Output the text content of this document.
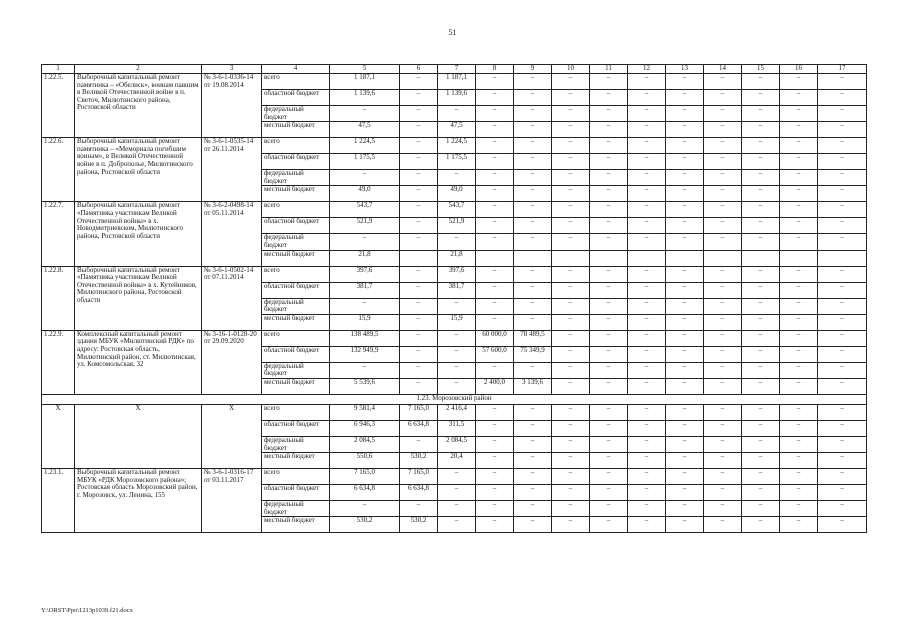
51
1	2	3	4	5	6	7	8	9	10	11	12	13	14	15	16	17
1.22.5.	Выборочный капитальный ремонт памятника – «Обелиск», воинам павшим в Великой Отечественной войне в п. Светоч, Милютинского района, Ростовской области	№ 3-6-1-0336-14 от 19.08.2014	всего	1 187,1	–	1 187,1	–	–	–	–	–	–	–	–	–	–
			областной бюджет	1 139,6	–	1 139,6	–	–	–	–	–	–	–	–	–	–
			федеральный бюджет	–	–	–	–	–	–	–	–	–	–	–	–	–
			местный бюджет	47,5	–	47,5	–	–	–	–	–	–	–	–	–	–
1.22.6.	Выборочный капитальный ремонт памятника – «Мемориала погибшим воинам», в Великой Отечественной войне в п. Доброполье, Милютинского района, Ростовской области	№ 3-6-1-0535-14 от 26.11.2014	всего	1 224,5	–	1 224,5	–	–	–	–	–	–	–	–	–	–
			областной бюджет	1 175,5	–	1 175,5	–	–	–	–	–	–	–	–	–	–
			федеральный бюджет	–	–	–	–	–	–	–	–	–	–	–	–	–
			местный бюджет	49,0	–	49,0	–	–	–	–	–	–	–	–	–	–
1.22.7.	Выборочный капитальный ремонт «Памятника участникам Великой Отечественной войны» в х. Новодмитриевском, Милютинского района, Ростовской области	№ 3-6-2-0498-14 от 05.11.2014	всего	543,7	–	543,7	–	–	–	–	–	–	–	–	–	–
			областной бюджет	521,9	–	521,9	–	–	–	–	–	–	–	–	–	–
			федеральный бюджет	–	–	–	–	–	–	–	–	–	–	–	–	–
			местный бюджет	21,8		21,8										
1.22.8.	Выборочный капитальный ремонт «Памятника участникам Великой Отечественной войны» в х. Кутейников, Милютинского района, Ростовской области	№ 3-6-1-0502-14 от 07.11.2014	всего	397,6	–	397,6	–	–	–	–	–	–	–	–	–	–
			областной бюджет	381,7	–	381,7	–	–	–	–	–	–	–	–	–	–
			федеральный бюджет	–	–	–	–	–	–	–	–	–	–	–	–	–
			местный бюджет	15,9	–	15,9	–	–	–	–	–	–	–	–	–	–
1.22.9.	Комплексный капитальный ремонт здания МБУК «Милютинский РДК» по адресу: Ростовская область, Милютинский район, ст. Милютинская, ул. Комсомольская, 32	№ 3-16-1-0128-20 от 29.09.2020	всего	138 489,5	–	–	60 000,0	78 489,5	–	–	–	–	–	–	–	–
			областной бюджет	132 949,9	–	–	57 600,0	75 349,9	–	–	–	–	–	–	–	–
			федеральный бюджет	–	–	–	–	–	–	–	–	–	–	–	–	–
			местный бюджет	5 539,6	–	–	2 400,0	3 139,6	–	–	–	–	–	–	–	–
1.23. Морозовский район																
X	X	X	всего	9 581,4	7 165,0	2 416,4	–	–	–	–	–	–	–	–	–	–
			областной бюджет	6 946,3	6 634,8	311,5	–	–	–	–	–	–	–	–	–	–
			федеральный бюджет	2 084,5	–	2 084,5	–	–	–	–	–	–	–	–	–	–
			местный бюджет	550,6	530,2	20,4	–	–	–	–	–	–	–	–	–	–
1.23.1.	Выборочный капитальный ремонт МБУК «РДК Морозовского района»; Ростовская область Морозовский район, г. Морозовск, ул. Ленина, 155	№ 3-6-1-0316-17 от 03.11.2017	всего	7 165,0	7 165,0	–	–	–	–	–	–	–	–	–	–	–
			областной бюджет	6 634,8	6 634,8	–	–	–	–	–	–	–	–	–	–	–
			федеральный бюджет	–	–	–	–	–	–	–	–	–	–	–	–	–
			местный бюджет	530,2	530,2	–	–	–	–	–	–	–	–	–	–	–
Y:\ORST\Ppo\1213p1039.f21.docx
